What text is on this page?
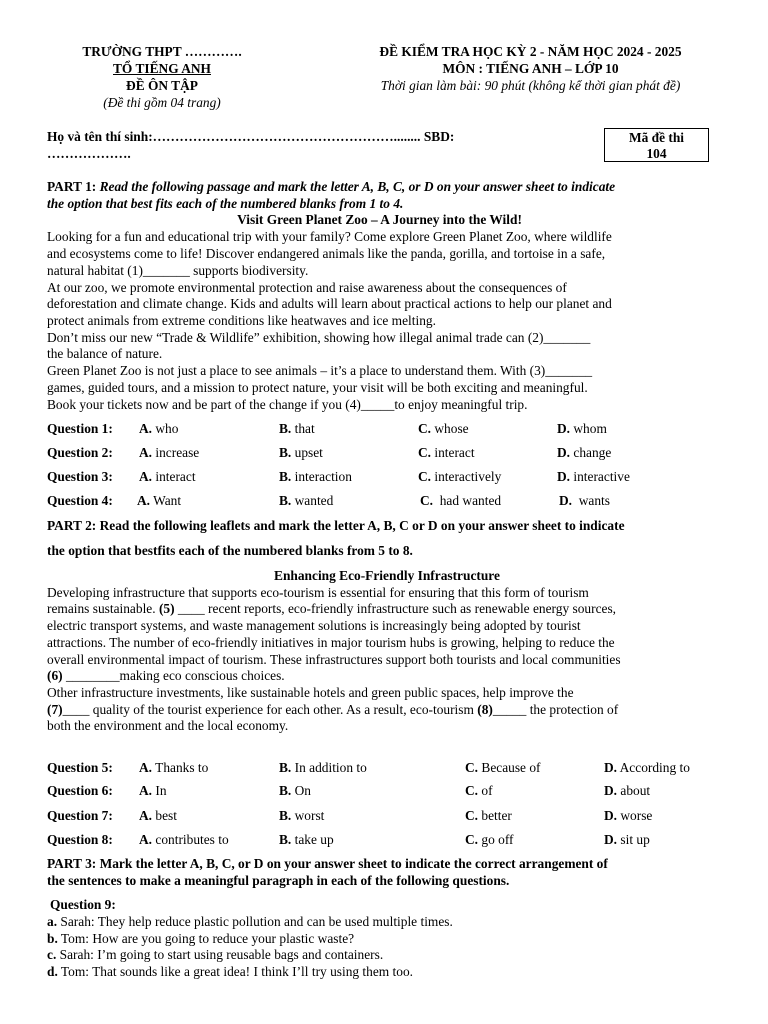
TRƯỜNG THPT ………….
TỔ TIẾNG ANH
ĐỀ ÔN TẬP
(Đề thi gồm 04 trang)
ĐỀ KIỂM TRA HỌC KỲ 2 - NĂM HỌC 2024 - 2025
MÔN : TIẾNG ANH – LỚP 10
Thời gian làm bài: 90 phút (không kể thời gian phát đề)
Họ và tên thí sinh:………………………………………………........ SBD:
……………….
Mã đề thi
104
PART 1: Read the following passage and mark the letter A, B, C, or D on your answer sheet to indicate
the option that best fits each of the numbered blanks from 1 to 4.
Visit Green Planet Zoo – A Journey into the Wild!
Looking for a fun and educational trip with your family? Come explore Green Planet Zoo, where wildlife
and ecosystems come to life! Discover endangered animals like the panda, gorilla, and tortoise in a safe,
natural habitat (1)_______ supports biodiversity.
At our zoo, we promote environmental protection and raise awareness about the consequences of
deforestation and climate change. Kids and adults will learn about practical actions to help our planet and
protect animals from extreme conditions like heatwaves and ice melting.
Don’t miss our new “Trade & Wildlife” exhibition, showing how illegal animal trade can (2)_______
the balance of nature.
Green Planet Zoo is not just a place to see animals – it’s a place to understand them. With (3)_______
games, guided tours, and a mission to protect nature, your visit will be both exciting and meaningful.
Book your tickets now and be part of the change if you (4)_____to enjoy meaningful trip.
Question 1: A. who	B. that	C. whose	D. whom
Question 2: A. increase	B. upset	C. interact	D. change
Question 3: A. interact	B. interaction	C. interactively	D. interactive
Question 4: A. Want	B. wanted	C. had wanted	D. wants
PART 2: Read the following leaflets and mark the letter A, B, C or D on your answer sheet to indicate
the option that bestfits each of the numbered blanks from 5 to 8.
Enhancing Eco-Friendly Infrastructure
Developing infrastructure that supports eco-tourism is essential for ensuring that this form of tourism
remains sustainable. (5) ____ recent reports, eco-friendly infrastructure such as renewable energy sources,
electric transport systems, and waste management solutions is increasingly being adopted by tourist
attractions. The number of eco-friendly initiatives in major tourism hubs is growing, helping to reduce the
overall environmental impact of tourism. These infrastructures support both tourists and local communities
(6) ________making eco conscious choices.
Other infrastructure investments, like sustainable hotels and green public spaces, help improve the
(7)____ quality of the tourist experience for each other. As a result, eco-tourism (8)_____ the protection of
both the environment and the local economy.
Question 5: A. Thanks to	B. In addition to	C. Because of	D. According to
Question 6: A. In	B. On	C. of	D. about
Question 7: A. best	B. worst	C. better	D. worse
Question 8: A. contributes to	B. take up	C. go off	D. sit up
PART 3: Mark the letter A, B, C, or D on your answer sheet to indicate the correct arrangement of
the sentences to make a meaningful paragraph in each of the following questions.
Question 9:
a. Sarah: They help reduce plastic pollution and can be used multiple times.
b. Tom: How are you going to reduce your plastic waste?
c. Sarah: I’m going to start using reusable bags and containers.
d. Tom: That sounds like a great idea! I think I’ll try using them too.
